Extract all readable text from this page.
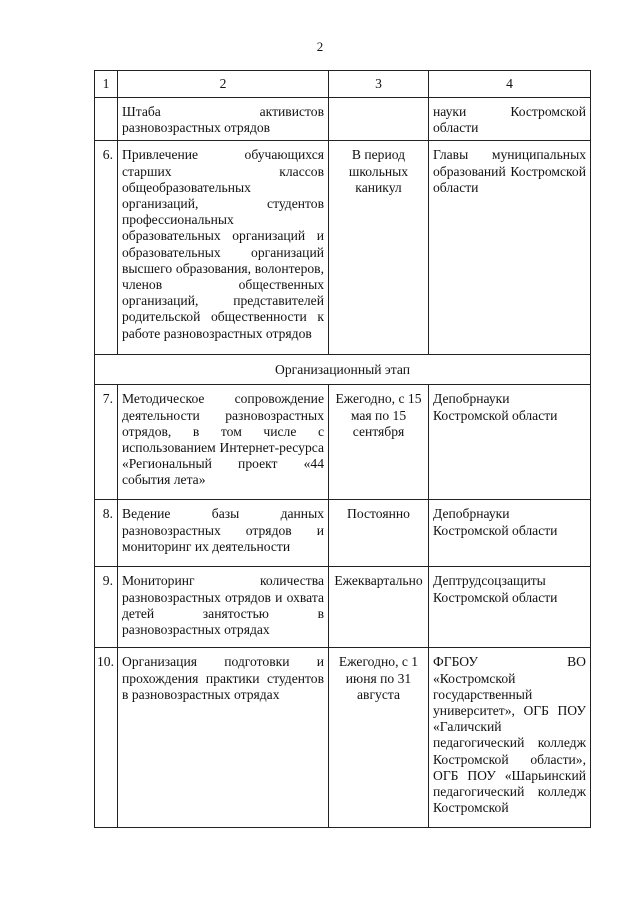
2
1	2	3	4
	Штаба активистов разновозрастных отрядов		науки Костромской области
6.	Привлечение обучающихся старших классов общеобразовательных организаций, студентов профессиональных образовательных организаций и образовательных организаций высшего образования, волонтеров, членов общественных организаций, представителей родительской общественности к работе разновозрастных отрядов	В период школьных каникул	Главы муниципальных образований Костромской области
Организационный этап			
7.	Методическое сопровождение деятельности разновозрастных отрядов, в том числе с использованием Интернет-ресурса «Региональный проект «44 события лета»	Ежегодно, с 15 мая по 15 сентября	Депобрнауки Костромской области
8.	Ведение базы данных разновозрастных отрядов и мониторинг их деятельности	Постоянно	Депобрнауки Костромской области
9.	Мониторинг количества разновозрастных отрядов и охвата детей занятостью в разновозрастных отрядах	Ежеквартально	Дептрудсоцзащиты Костромской области
10.	Организация подготовки и прохождения практики студентов в разновозрастных отрядах	Ежегодно, с 1 июня по 31 августа	ФГБОУ ВО «Костромской государственный университет», ОГБ ПОУ «Галичский педагогический колледж Костромской области», ОГБ ПОУ «Шарьинский педагогический колледж Костромской
